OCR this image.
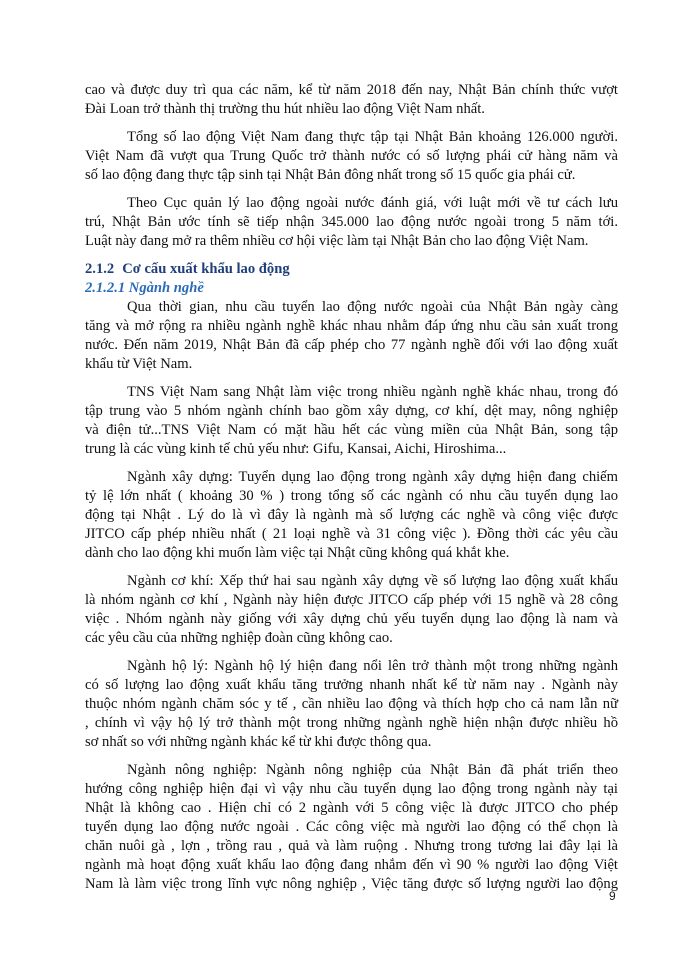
cao và được duy trì qua các năm, kể từ năm 2018 đến nay, Nhật Bản chính thức vượt
Đài Loan trở thành thị trường thu hút nhiều lao động Việt Nam nhất.
Tổng số lao động Việt Nam đang thực tập tại Nhật Bản khoảng 126.000 người.
Việt Nam đã vượt qua Trung Quốc trở thành nước có số lượng phái cử hàng năm và
số lao động đang thực tập sinh tại Nhật Bản đông nhất trong số 15 quốc gia phái cử.
Theo Cục quản lý lao động ngoài nước đánh giá, với luật mới về tư cách lưu
trú, Nhật Bản ước tính sẽ tiếp nhận 345.000 lao động nước ngoài trong 5 năm tới.
Luật này đang mở ra thêm nhiều cơ hội việc làm tại Nhật Bản cho lao động Việt Nam.
2.1.2 Cơ cấu xuất khẩu lao động
2.1.2.1 Ngành nghề
Qua thời gian, nhu cầu tuyển lao động nước ngoài của Nhật Bản ngày càng
tăng và mở rộng ra nhiều ngành nghề khác nhau nhằm đáp ứng nhu cầu sản xuất trong
nước. Đến năm 2019, Nhật Bản đã cấp phép cho 77 ngành nghề đối với lao động xuất
khẩu từ Việt Nam.
TNS Việt Nam sang Nhật làm việc trong nhiều ngành nghề khác nhau, trong đó
tập trung vào 5 nhóm ngành chính bao gồm xây dựng, cơ khí, dệt may, nông nghiệp
và điện tử...TNS Việt Nam có mặt hầu hết các vùng miền của Nhật Bản, song tập
trung là các vùng kinh tế chủ yếu như: Gifu, Kansai, Aichi, Hiroshima...
Ngành xây dựng: Tuyển dụng lao động trong ngành xây dựng hiện đang chiếm
tỷ lệ lớn nhất ( khoảng 30 % ) trong tổng số các ngành có nhu cầu tuyển dụng lao
động tại Nhật . Lý do là vì đây là ngành mà số lượng các nghề và công việc được
JITCO cấp phép nhiều nhất ( 21 loại nghề và 31 công việc ). Đồng thời các yêu cầu
dành cho lao động khi muốn làm việc tại Nhật cũng không quá khắt khe.
Ngành cơ khí: Xếp thứ hai sau ngành xây dựng về số lượng lao động xuất khẩu
là nhóm ngành cơ khí , Ngành này hiện được JITCO cấp phép với 15 nghề và 28 công
việc . Nhóm ngành này giống với xây dựng chủ yếu tuyển dụng lao động là nam và
các yêu cầu của những nghiệp đoàn cũng không cao.
Ngành hộ lý: Ngành hộ lý hiện đang nổi lên trở thành một trong những ngành
có số lượng lao động xuất khẩu tăng trưởng nhanh nhất kể từ năm nay . Ngành này
thuộc nhóm ngành chăm sóc y tế , cần nhiều lao động và thích hợp cho cả nam lẫn nữ
, chính vì vậy hộ lý trở thành một trong những ngành nghề hiện nhận được nhiều hồ
sơ nhất so với những ngành khác kể từ khi được thông qua.
Ngành nông nghiệp: Ngành nông nghiệp của Nhật Bản đã phát triển theo
hướng công nghiệp hiện đại vì vậy nhu cầu tuyển dụng lao động trong ngành này tại
Nhật là không cao . Hiện chỉ có 2 ngành với 5 công việc là được JITCO cho phép
tuyển dụng lao động nước ngoài . Các công việc mà người lao động có thể chọn là
chăn nuôi gà , lợn , trồng rau , quả và làm ruộng . Nhưng trong tương lai đây lại là
ngành mà hoạt động xuất khẩu lao động đang nhắm đến vì 90 % người lao động Việt
Nam là làm việc trong lĩnh vực nông nghiệp , Việc tăng được số lượng người lao động
9
